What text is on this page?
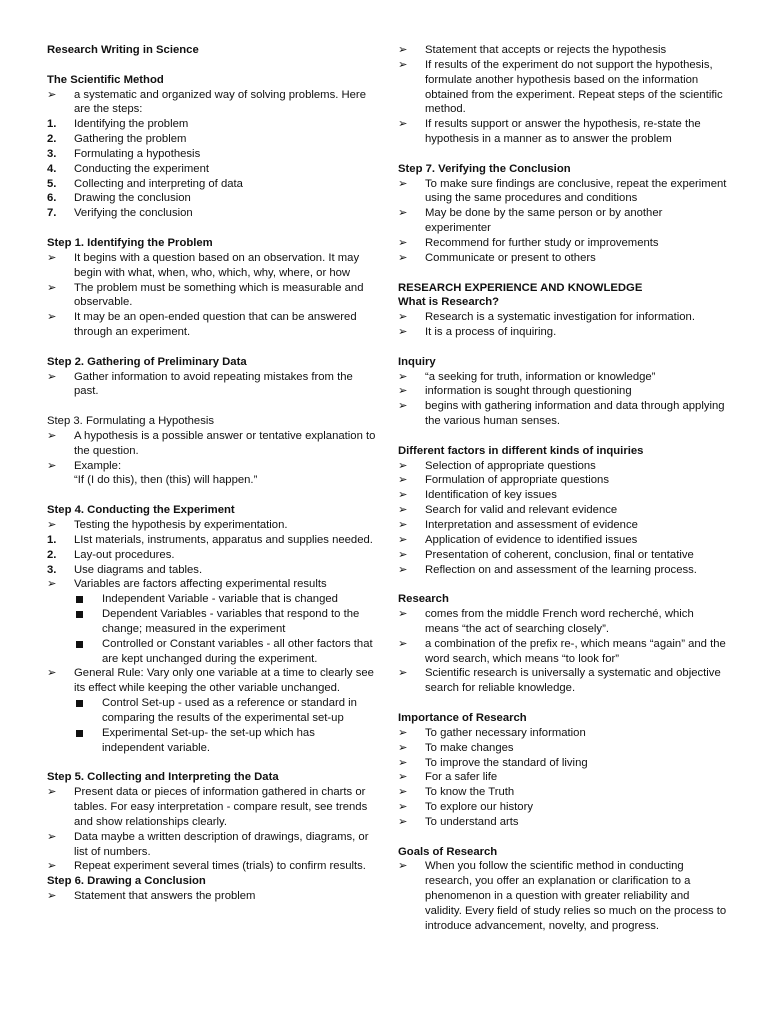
Research Writing in Science
The Scientific Method
➢	a systematic and organized way of solving problems. Here are the steps:
1.	Identifying the problem
2.	Gathering the problem
3.	Formulating a hypothesis
4.	Conducting the experiment
5.	Collecting and interpreting of data
6.	Drawing the conclusion
7.	Verifying the conclusion
Step 1. Identifying the Problem
➢	It begins with a question based on an observation. It may begin with what, when, who, which, why, where, or how
➢	The problem must be something which is measurable and observable.
➢	It may be an open-ended question that can be answered through an experiment.
Step 2. Gathering of Preliminary Data
➢	Gather information to avoid repeating mistakes from the past.
Step 3. Formulating a Hypothesis
➢	A hypothesis is a possible answer or tentative explanation to the question.
➢	Example:
“If (I do this), then (this) will happen.”
Step 4. Conducting the Experiment
➢	Testing the hypothesis by experimentation.
1.	LIst materials, instruments, apparatus and supplies needed.
2.	Lay-out procedures.
3.	Use diagrams and tables.
➢	Variables are factors affecting experimental results
Independent Variable - variable that is changed
Dependent Variables - variables that respond to the change; measured in the experiment
Controlled or Constant variables - all other factors that are kept unchanged during the experiment.
➢	General Rule: Vary only one variable at a time to clearly see its effect while keeping the other variable unchanged.
Control Set-up - used as a reference or standard in comparing the results of the experimental set-up
Experimental Set-up- the set-up which has independent variable.
Step 5. Collecting and Interpreting the Data
➢	Present data or pieces of information gathered in charts or tables. For easy interpretation - compare result, see trends and show relationships clearly.
➢	Data maybe a written description of drawings, diagrams, or list of numbers.
➢	Repeat experiment several times (trials) to confirm results.
Step 6. Drawing a Conclusion
➢	Statement that answers the problem
➢	Statement that accepts or rejects the hypothesis
➢	If results of the experiment do not support the hypothesis, formulate another hypothesis based on the information obtained from the experiment. Repeat steps of the scientific method.
➢	If results support or answer the hypothesis, re-state the hypothesis in a manner as to answer the problem
Step 7. Verifying the Conclusion
➢	To make sure findings are conclusive, repeat the experiment using the same procedures and conditions
➢	May be done by the same person or by another experimenter
➢	Recommend for further study or improvements
➢	Communicate or present to others
RESEARCH EXPERIENCE AND KNOWLEDGE
What is Research?
➢	Research is a systematic investigation for information.
➢	It is a process of inquiring.
Inquiry
➢	“a seeking for truth, information or knowledge”
➢	information is sought through questioning
➢	begins with gathering information and data through applying the various human senses.
Different factors in different kinds of inquiries
➢	Selection of appropriate questions
➢	Formulation of appropriate questions
➢	Identification of key issues
➢	Search for valid and relevant evidence
➢	Interpretation and assessment of evidence
➢	Application of evidence to identified issues
➢	Presentation of coherent, conclusion, final or tentative
➢	Reflection on and assessment of the learning process.
Research
➢	comes from the middle French word recherché, which means “the act of searching closely”.
➢	a combination of the prefix re-, which means “again” and the word search, which means “to look for”
➢	Scientific research is universally a systematic and objective search for reliable knowledge.
Importance of Research
➢	To gather necessary information
➢	To make changes
➢	To improve the standard of living
➢	For a safer life
➢	To know the Truth
➢	To explore our history
➢	To understand arts
Goals of Research
➢	When you follow the scientific method in conducting research, you offer an explanation or clarification to a phenomenon in a question with greater reliability and validity. Every field of study relies so much on the process to introduce advancement, novelty, and progress.
